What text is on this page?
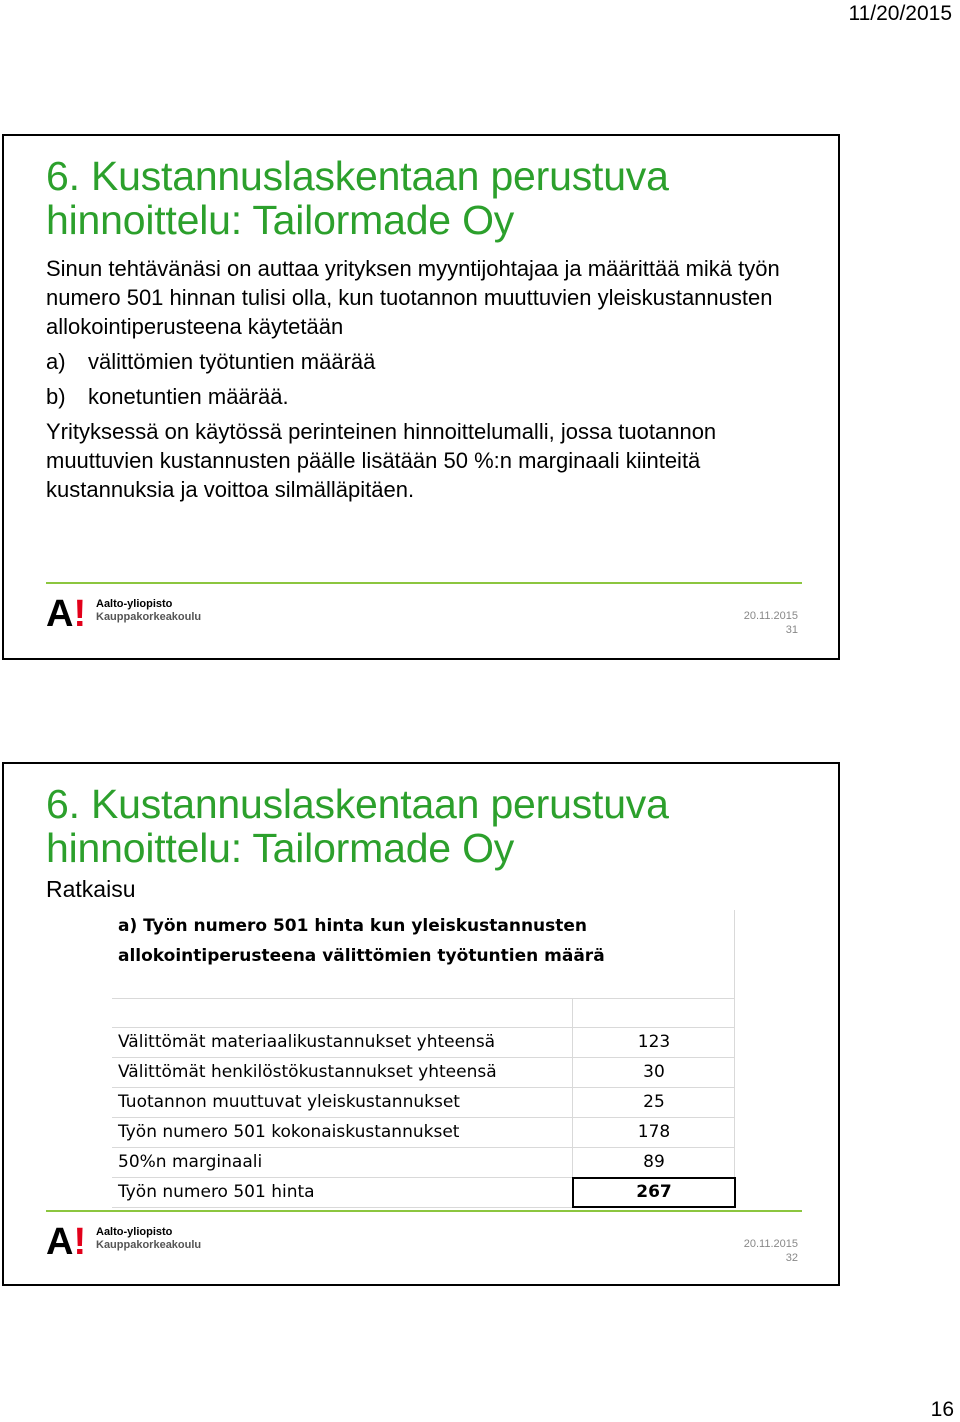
11/20/2015
6. Kustannuslaskentaan perustuva
hinnoittelu: Tailormade Oy

Sinun tehtävänäsi on auttaa yrityksen myyntijohtajaa ja määrittää mikä työn numero 501 hinnan tulisi olla, kun tuotannon muuttuvien yleiskustannusten allokointiperusteena käytetään

a) välittömien työtuntien määrää
b) konetuntien määrää.

Yrityksessä on käytössä perinteinen hinnoittelumalli, jossa tuotannon muuttuvien kustannusten päälle lisätään 50 %:n marginaali kiinteitä kustannuksia ja voittoa silmälläpitäen.

A! Aalto-yliopisto
Kauppakorkeakoulu	20.11.2015
31
6. Kustannuslaskentaan perustuva
hinnoittelu: Tailormade Oy
Ratkaisu
a) Työn numero 501 hinta kun yleiskustannusten
allokointiperusteena välittömien työtuntien määrä
Välittömät materiaalikustannukset yhteensä	123
Välittömät henkilöstökustannukset yhteensä	30
Tuotannon muuttuvat yleiskustannukset	25
Työn numero 501 kokonaiskustannukset	178
50%n marginaali	89
Työn numero 501 hinta	267
A! Aalto-yliopisto
Kauppakorkeakoulu	20.11.2015
32
16
